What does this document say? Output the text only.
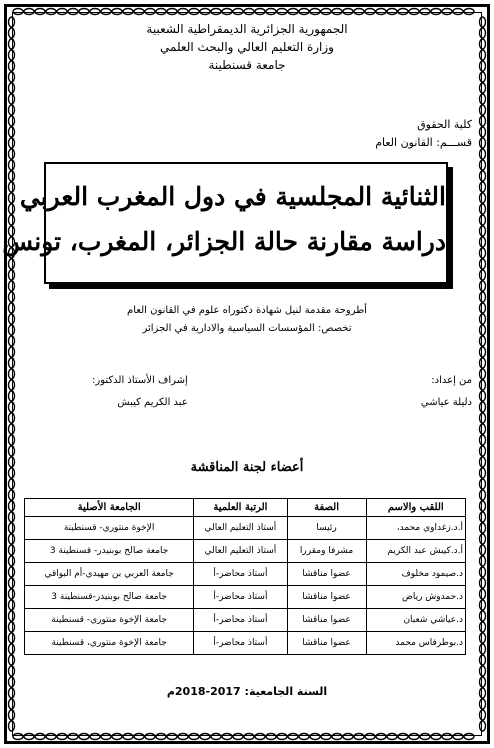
الجمهورية الجزائرية الديمقراطية الشعبية
وزارة التعليم العالي والبحث العلمي
جامعة قسنطينة
كلية الحقوق
قســـم: القانون العام
الثنائية المجلسية في دول المغرب العربي
دراسة مقارنة حالة الجزائر، المغرب، تونس
أطروحة مقدمة لنيل شهادة دكتوراه علوم في القانون العام
تخصص: المؤسسات السياسية والادارية في الجزائر
من إعداد:
دليلة عياشي
إشراف الأستاذ الدكتور:
عبد الكريم كيبش
أعضاء لجنة المناقشة
اللقب والاسم	الصفة	الرتبة العلمية	الجامعة الأصلية
أ.د.زغداوي محمد،	رئيسا	أستاذ التعليم العالي	الإخوة منتوري- قسنطينة
أ.د.كيبش عبد الكريم	مشرفا ومقررا	أستاذ التعليم العالي	جامعة صالح بوبنيدر- قسنطينة 3
د.صيمود مخلوف	عضوا مناقشا	أستاذ محاضر-أ	جامعة العربي بن مهيدي-أم البواقي
د.حمدوش رياض	عضوا مناقشا	أستاذ محاضر-أ	جامعة صالح بوبنيدر-قسنطينة 3
د.عياشي شعبان	عضوا مناقشا	أستاذ محاضر-أ	جامعة الإخوة منتوري- قسنطينة
د.بوطرفاس محمد	عضوا مناقشا	أستاذ محاضر-أ	جامعة الإخوة منتوري، قسنطينة
السنة الجامعية: 2017-2018م
